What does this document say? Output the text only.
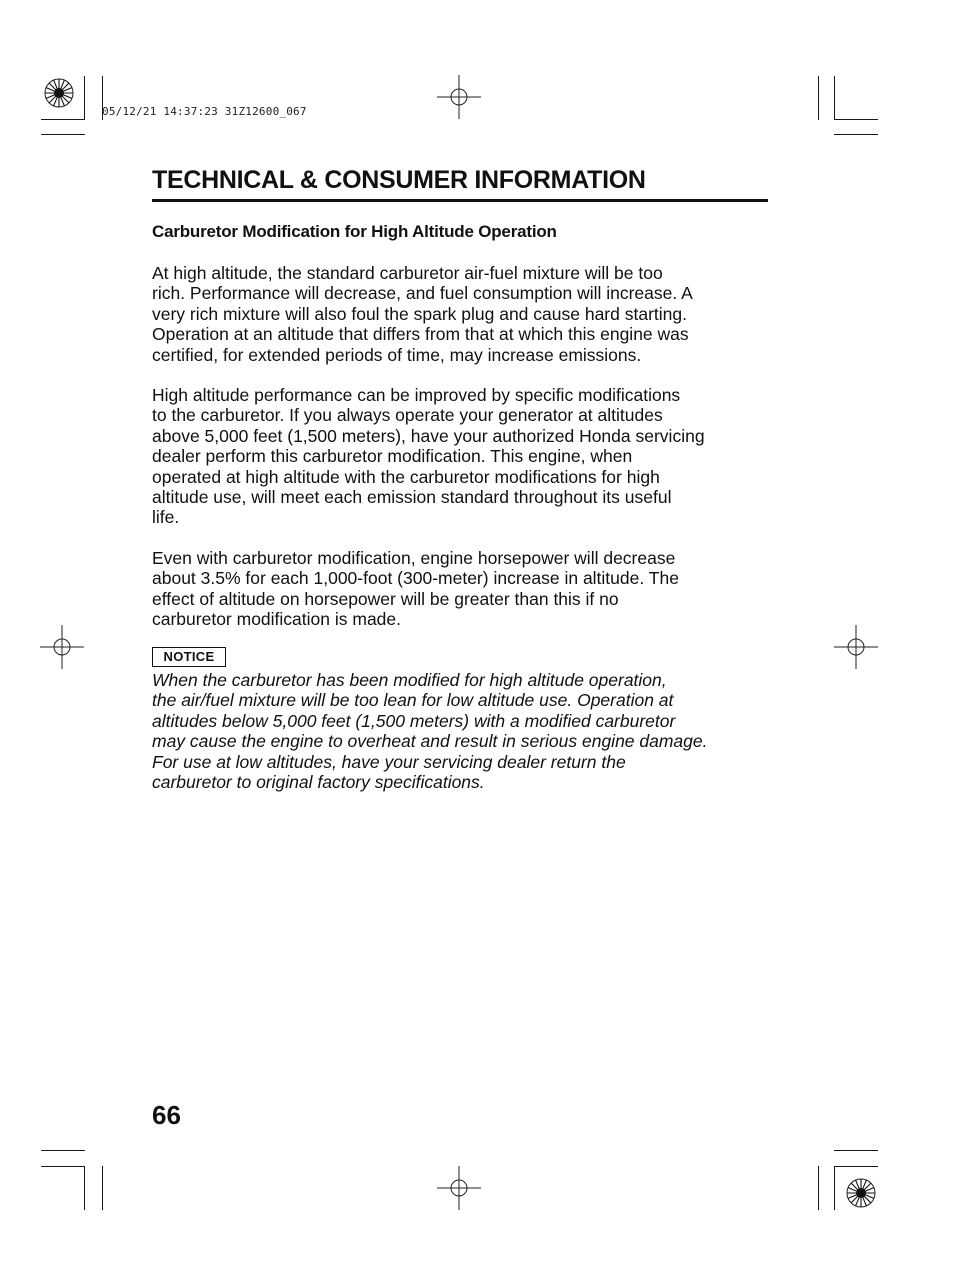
05/12/21 14:37:23 31Z12600_067
TECHNICAL & CONSUMER INFORMATION
Carburetor Modification for High Altitude Operation
At high altitude, the standard carburetor air-fuel mixture will be too
rich. Performance will decrease, and fuel consumption will increase. A
very rich mixture will also foul the spark plug and cause hard starting.
Operation at an altitude that differs from that at which this engine was
certified, for extended periods of time, may increase emissions.
High altitude performance can be improved by specific modifications
to the carburetor. If you always operate your generator at altitudes
above 5,000 feet (1,500 meters), have your authorized Honda servicing
dealer perform this carburetor modification. This engine, when
operated at high altitude with the carburetor modifications for high
altitude use, will meet each emission standard throughout its useful
life.
Even with carburetor modification, engine horsepower will decrease
about 3.5% for each 1,000-foot (300-meter) increase in altitude. The
effect of altitude on horsepower will be greater than this if no
carburetor modification is made.
NOTICE
When the carburetor has been modified for high altitude operation,
the air/fuel mixture will be too lean for low altitude use. Operation at
altitudes below 5,000 feet (1,500 meters) with a modified carburetor
may cause the engine to overheat and result in serious engine damage.
For use at low altitudes, have your servicing dealer return the
carburetor to original factory specifications.
66
